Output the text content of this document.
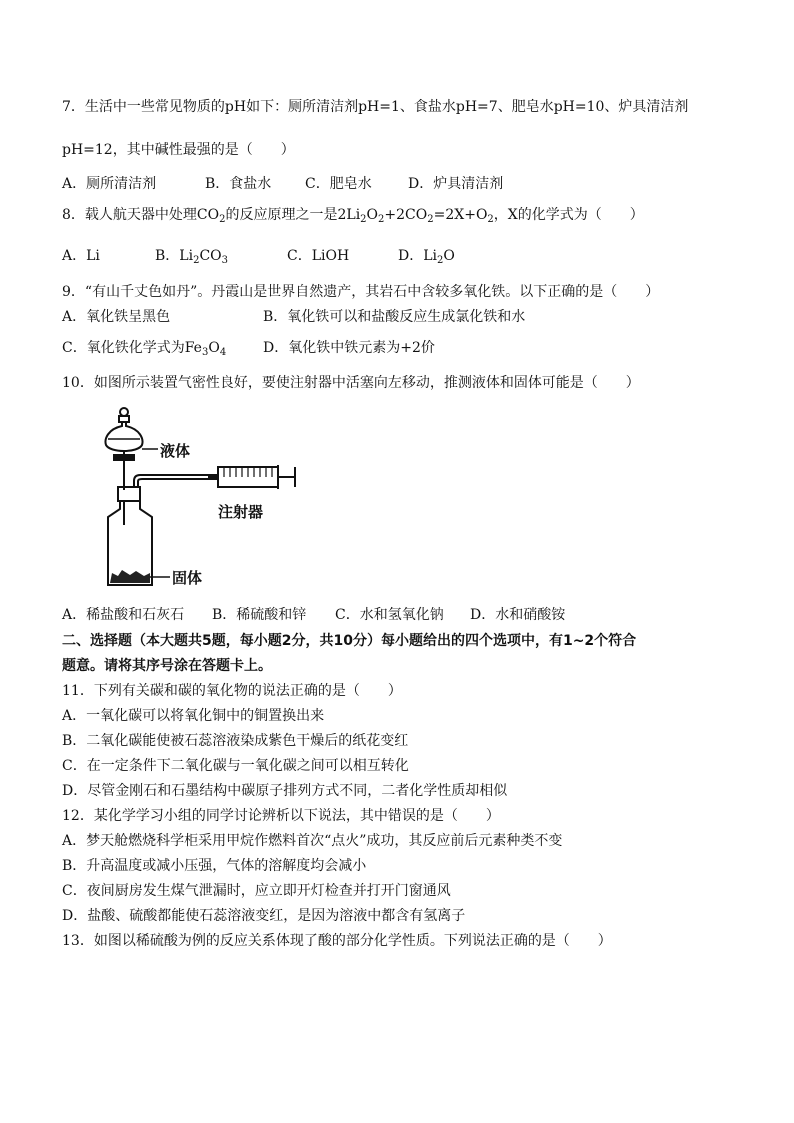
7．生活中一些常见物质的pH如下：厕所清洁剂pH=1、食盐水pH=7、肥皂水pH=10、炉具清洁剂
pH=12，其中碱性最强的是（　　）
A．厕所清洁剂	B．食盐水 C．肥皂水	D．炉具清洁剂
8．载人航天器中处理$CO_2$的反应原理之一是$2Li_2O_2+2CO_2=2X+O_2$，X的化学式为（　　）
A．Li	B．$Li_2CO_3$	C．LiOH	D．$Li_2O$
9．“有山千丈色如丹”。丹霞山是世界自然遗产，其岩石中含较多氧化铁。以下正确的是（　　）
A．氧化铁呈黑色	B．氧化铁可以和盐酸反应生成氯化铁和水
C．氧化铁化学式为$Fe_3O_4$	D．氧化铁中铁元素为+2价
10．如图所示装置气密性良好，要使注射器中活塞向左移动，推测液体和固体可能是（　　）
液体
注射器
固体
A．稀盐酸和石灰石 B．稀硫酸和锌 C．水和氢氧化钠 D．水和硝酸铵
二、选择题（本大题共5题，每小题2分，共10分）每小题给出的四个选项中，有1~2个符合
题意。请将其序号涂在答题卡上。
11．下列有关碳和碳的氧化物的说法正确的是（　　）
A．一氧化碳可以将氧化铜中的铜置换出来
B．二氧化碳能使被石蕊溶液染成紫色干燥后的纸花变红
C．在一定条件下二氧化碳与一氧化碳之间可以相互转化
D．尽管金刚石和石墨结构中碳原子排列方式不同，二者化学性质却相似
12．某化学学习小组的同学讨论辨析以下说法，其中错误的是（　　）
A．梦天舱燃烧科学柜采用甲烷作燃料首次“点火”成功，其反应前后元素种类不变
B．升高温度或减小压强，气体的溶解度均会减小
C．夜间厨房发生煤气泄漏时，应立即开灯检查并打开门窗通风
D．盐酸、硫酸都能使石蕊溶液变红，是因为溶液中都含有氢离子
13．如图以稀硫酸为例的反应关系体现了酸的部分化学性质。下列说法正确的是（　　）
